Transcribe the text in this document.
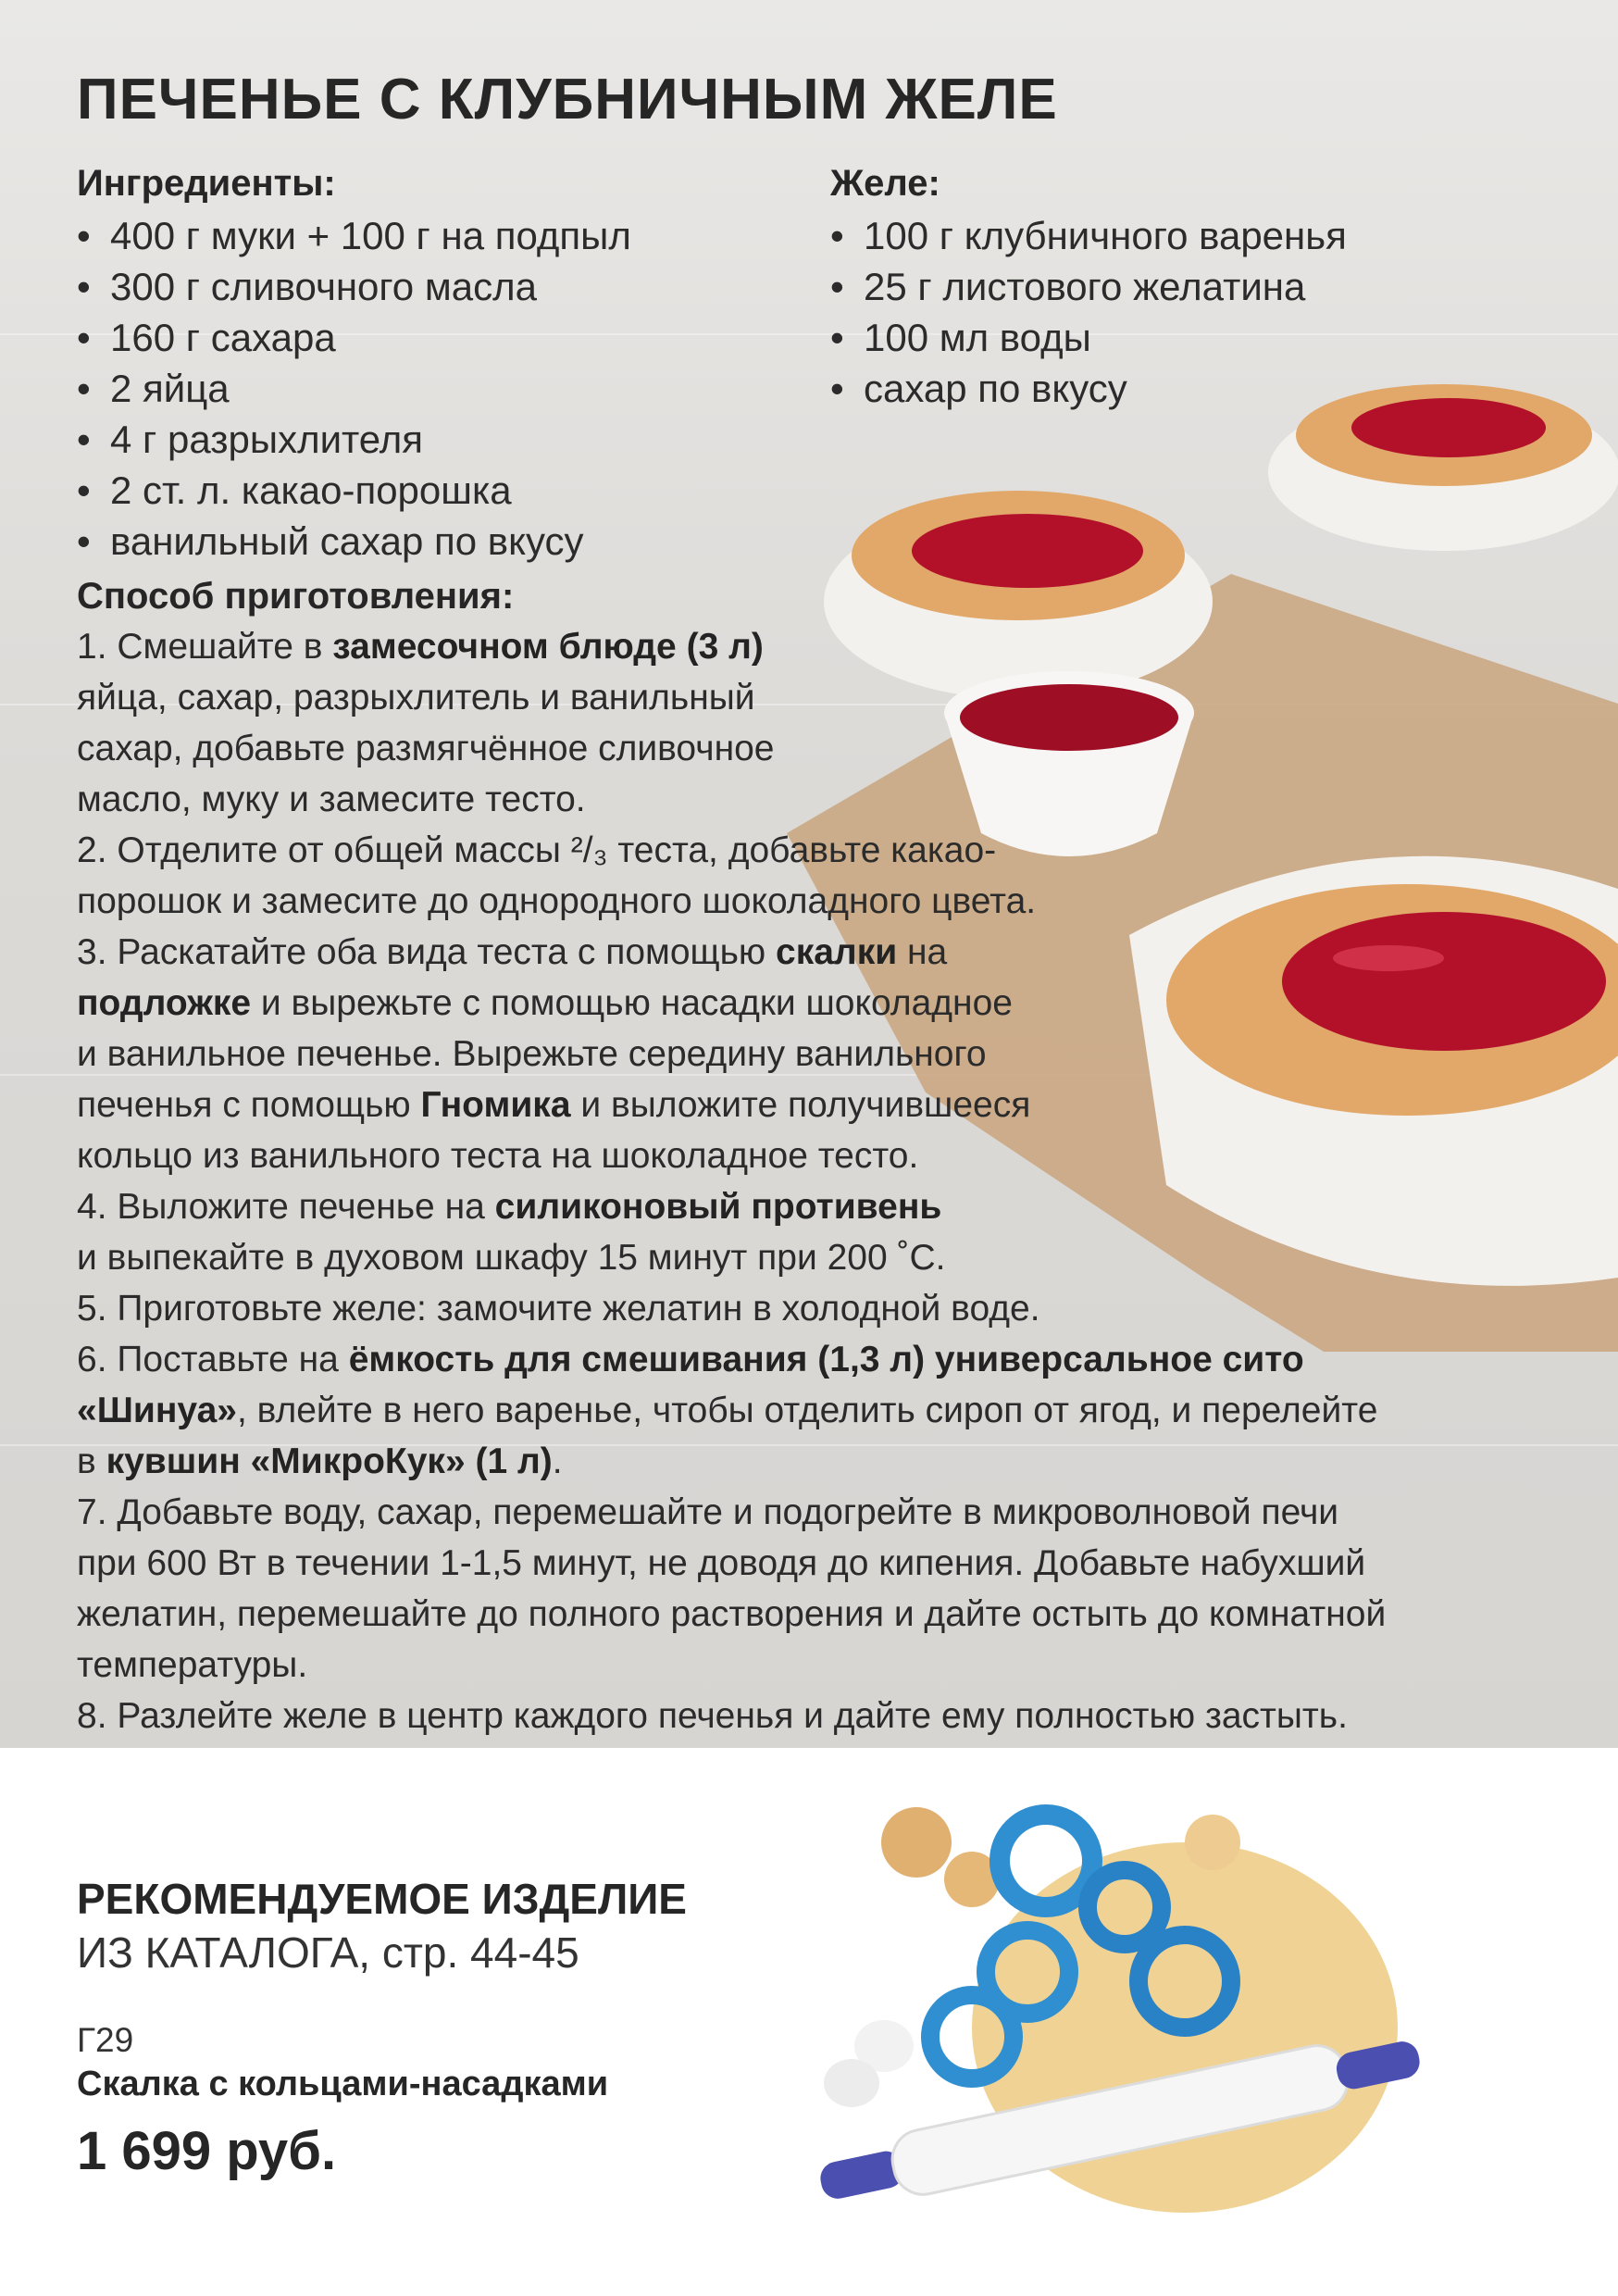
ПЕЧЕНЬЕ С КЛУБНИЧНЫМ ЖЕЛЕ

Ингредиенты:

• 400 г муки + 100 г на подпыл
• 300 г сливочного масла
• 160 г сахара
• 2 яйца
• 4 г разрыхлителя
• 2 ст. л. какао-порошка
• ванильный сахар по вкусу

Желе:

• 100 г клубничного варенья
• 25 г листового желатина
• 100 мл воды
• сахар по вкусу

Способ приготовления:

1. Смешайте в замесочном блюде (3 л)

яйца, сахар, разрыхлитель и ванильный

сахар, добавьте размягчённое сливочное

масло, муку и замесите тесто.

2. Отделите от общей массы ²/₃ теста, добавьте какао-

порошок и замесите до однородного шоколадного цвета.

3. Раскатайте оба вида теста с помощью скалки на

подложке и вырежьте с помощью насадки шоколадное

и ванильное печенье. Вырежьте середину ванильного

печенья с помощью Гномика и выложите получившееся

кольцо из ванильного теста на шоколадное тесто.

4. Выложите печенье на силиконовый противень

и выпекайте в духовом шкафу 15 минут при 200 ˚С.

5. Приготовьте желе: замочите желатин в холодной воде.

6. Поставьте на ёмкость для смешивания (1,3 л) универсальное сито

«Шинуа», влейте в него варенье, чтобы отделить сироп от ягод, и перелейте

в кувшин «МикроКук» (1 л).

7. Добавьте воду, сахар, перемешайте и подогрейте в микроволновой печи

при 600 Вт в течении 1-1,5 минут, не доводя до кипения. Добавьте набухший

желатин, перемешайте до полного растворения и дайте остыть до комнатной

температуры.

8. Разлейте желе в центр каждого печенья и дайте ему полностью застыть.

РЕКОМЕНДУЕМОЕ ИЗДЕЛИЕ

ИЗ КАТАЛОГА, стр. 44-45

Г29

Скалка с кольцами-насадками

1 699 руб.
